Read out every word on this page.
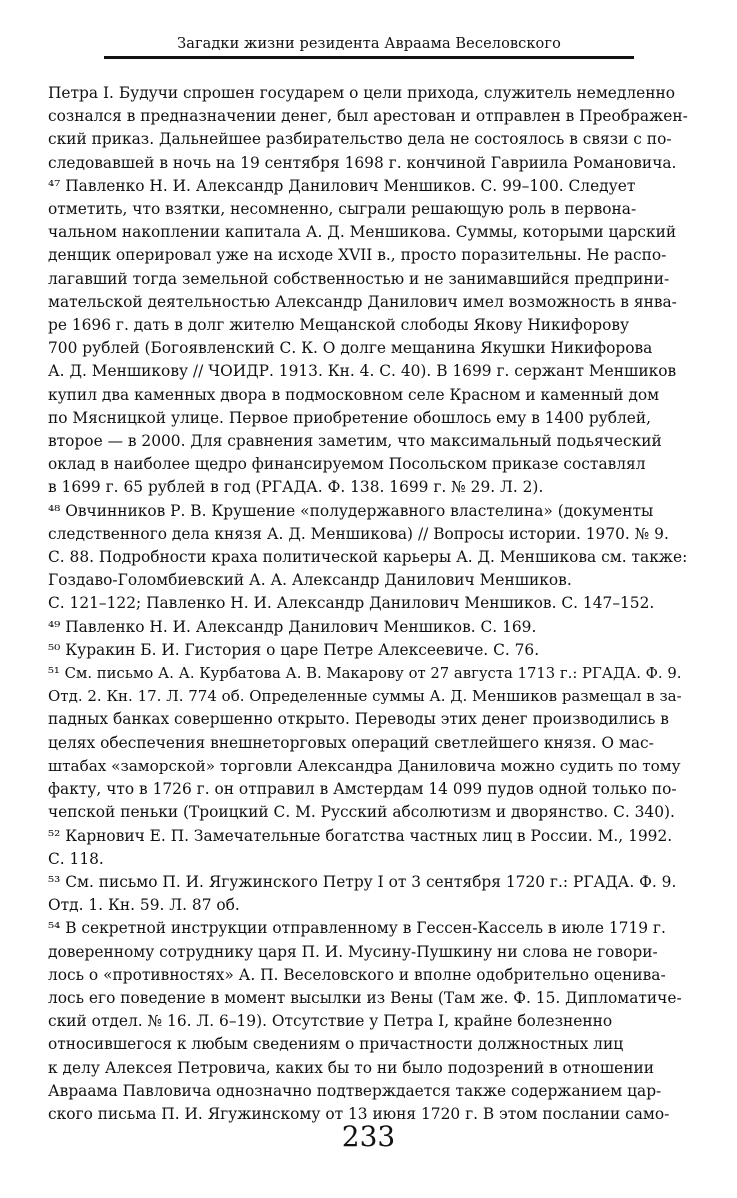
Загадки жизни резидента Авраама Веселовского
Петра I. Будучи спрошен государем о цели прихода, служитель немедленно
сознался в предназначении денег, был арестован и отправлен в Преображен-
ский приказ. Дальнейшее разбирательство дела не состоялось в связи с по-
следовавшей в ночь на 19 сентября 1698 г. кончиной Гавриила Романовича.
⁴⁷ Павленко Н. И. Александр Данилович Меншиков. С. 99–100. Следует
отметить, что взятки, несомненно, сыграли решающую роль в первона-
чальном накоплении капитала А. Д. Меншикова. Суммы, которыми царский
денщик оперировал уже на исходе XVII в., просто поразительны. Не распо-
лагавший тогда земельной собственностью и не занимавшийся предприни-
мательской деятельностью Александр Данилович имел возможность в янва-
ре 1696 г. дать в долг жителю Мещанской слободы Якову Никифорову
700 рублей (Богоявленский С. К. О долге мещанина Якушки Никифорова
А. Д. Меншикову // ЧОИДР. 1913. Кн. 4. С. 40). В 1699 г. сержант Меншиков
купил два каменных двора в подмосковном селе Красном и каменный дом
по Мясницкой улице. Первое приобретение обошлось ему в 1400 рублей,
второе — в 2000. Для сравнения заметим, что максимальный подьяческий
оклад в наиболее щедро финансируемом Посольском приказе составлял
в 1699 г. 65 рублей в год (РГАДА. Ф. 138. 1699 г. № 29. Л. 2).
⁴⁸ Овчинников Р. В. Крушение «полудержавного властелина» (документы
следственного дела князя А. Д. Меншикова) // Вопросы истории. 1970. № 9.
С. 88. Подробности краха политической карьеры А. Д. Меншикова см. также:
Гоздаво-Голомбиевский А. А. Александр Данилович Меншиков.
С. 121–122; Павленко Н. И. Александр Данилович Меншиков. С. 147–152.
⁴⁹ Павленко Н. И. Александр Данилович Меншиков. С. 169.
⁵⁰ Куракин Б. И. Гистория о царе Петре Алексеевиче. С. 76.
⁵¹ См. письмо А. А. Курбатова А. В. Макарову от 27 августа 1713 г.: РГАДА. Ф. 9.
Отд. 2. Кн. 17. Л. 774 об. Определенные суммы А. Д. Меншиков размещал в за-
падных банках совершенно открыто. Переводы этих денег производились в
целях обеспечения внешнеторговых операций светлейшего князя. О мас-
штабах «заморской» торговли Александра Даниловича можно судить по тому
факту, что в 1726 г. он отправил в Амстердам 14 099 пудов одной только по-
чепской пеньки (Троицкий С. М. Русский абсолютизм и дворянство. С. 340).
⁵² Карнович Е. П. Замечательные богатства частных лиц в России. М., 1992.
С. 118.
⁵³ См. письмо П. И. Ягужинского Петру I от 3 сентября 1720 г.: РГАДА. Ф. 9.
Отд. 1. Кн. 59. Л. 87 об.
⁵⁴ В секретной инструкции отправленному в Гессен-Кассель в июле 1719 г.
доверенному сотруднику царя П. И. Мусину-Пушкину ни слова не говори-
лось о «противностях» А. П. Веселовского и вполне одобрительно оценива-
лось его поведение в момент высылки из Вены (Там же. Ф. 15. Дипломатиче-
ский отдел. № 16. Л. 6–19). Отсутствие у Петра I, крайне болезненно
относившегося к любым сведениям о причастности должностных лиц
к делу Алексея Петровича, каких бы то ни было подозрений в отношении
Авраама Павловича однозначно подтверждается также содержанием цар-
ского письма П. И. Ягужинскому от 13 июня 1720 г. В этом послании само-
233
